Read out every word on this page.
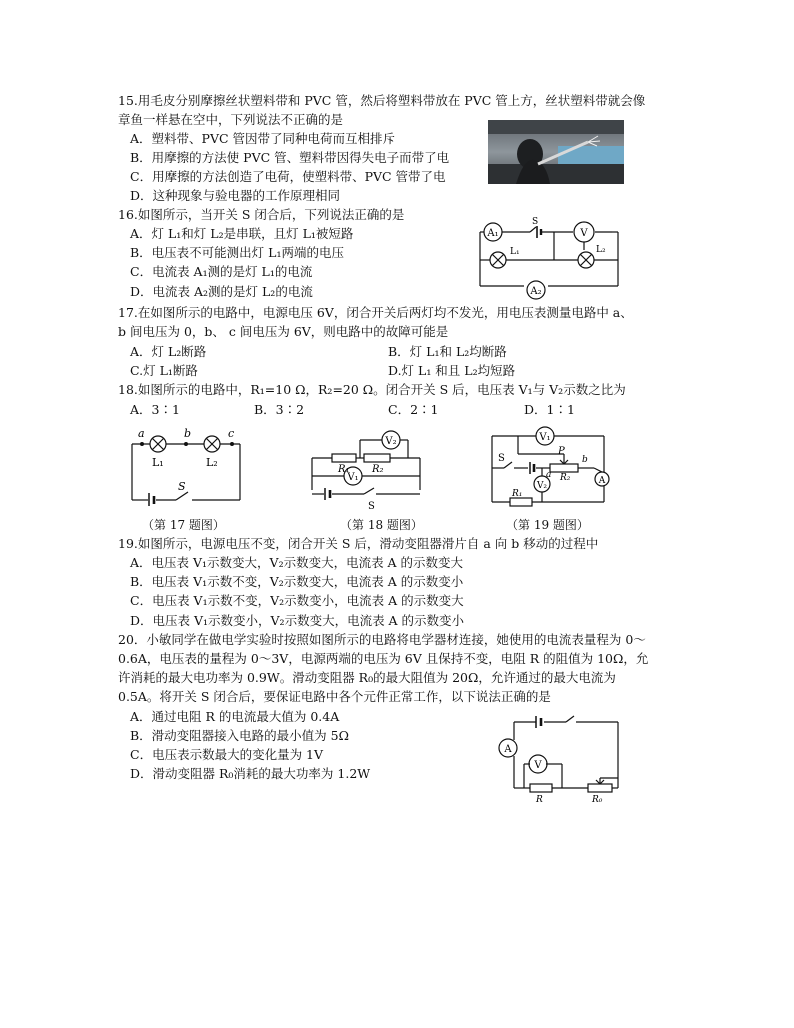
15.用毛皮分别摩擦丝状塑料带和 PVC 管，然后将塑料带放在 PVC 管上方，丝状塑料带就会像
章鱼一样悬在空中，下列说法不正确的是
A．塑料带、PVC 管因带了同种电荷而互相排斥
B．用摩擦的方法使 PVC 管、塑料带因得失电子而带了电
C．用摩擦的方法创造了电荷，使塑料带、PVC 管带了电
D．这种现象与验电器的工作原理相同
16.如图所示，当开关 S 闭合后，下列说法正确的是
A．灯 L₁和灯 L₂是串联，且灯 L₁被短路
B．电压表不可能测出灯 L₁两端的电压
C．电流表 A₁测的是灯 L₁的电流
D．电流表 A₂测的是灯 L₂的电流
A₁	V
A₂
S
L₁	L₂
17.在如图所示的电路中，电源电压 6V，闭合开关后两灯均不发光，用电压表测量电路中 a、
b 间电压为 0，b、 c 间电压为 6V，则电路中的故障可能是
A．灯 L₂断路	B．灯 L₁和 L₂均断路
C.灯 L₁断路	D.灯 L₁ 和且 L₂均短路
18.如图所示的电路中，R₁=10 Ω，R₂=20 Ω。闭合开关 S 后，电压表 V₁与 V₂示数之比为
A．3∶1	B．3∶2	C．2∶1	D．1∶1
a	b	c
L₁	L₂
S
（第 17 题图）
V₂
V₁
R₁ R₂
S
（第 18 题图）
V₁
V₂	A
S
P
a
b
R₂
R₁
（第 19 题图）
19.如图所示，电源电压不变，闭合开关 S 后，滑动变阻器滑片自 a 向 b 移动的过程中
A．电压表 V₁示数变大，V₂示数变大，电流表 A 的示数变大
B．电压表 V₁示数不变，V₂示数变大，电流表 A 的示数变小
C．电压表 V₁示数不变，V₂示数变小，电流表 A 的示数变大
D．电压表 V₁示数变小，V₂示数变大，电流表 A 的示数变小
20．小敏同学在做电学实验时按照如图所示的电路将电学器材连接，她使用的电流表量程为 0～
0.6A，电压表的量程为 0～3V，电源两端的电压为 6V 且保持不变，电阻 R 的阻值为 10Ω，允
许消耗的最大电功率为 0.9W。滑动变阻器 R₀的最大阻值为 20Ω，允许通过的最大电流为
0.5A。将开关 S 闭合后，要保证电路中各个元件正常工作，以下说法正确的是
A．通过电阻 R 的电流最大值为 0.4A
B．滑动变阻器接入电路的最小值为 5Ω
C．电压表示数最大的变化量为 1V
D．滑动变阻器 R₀消耗的最大功率为 1.2W
A
V
R	R₀
